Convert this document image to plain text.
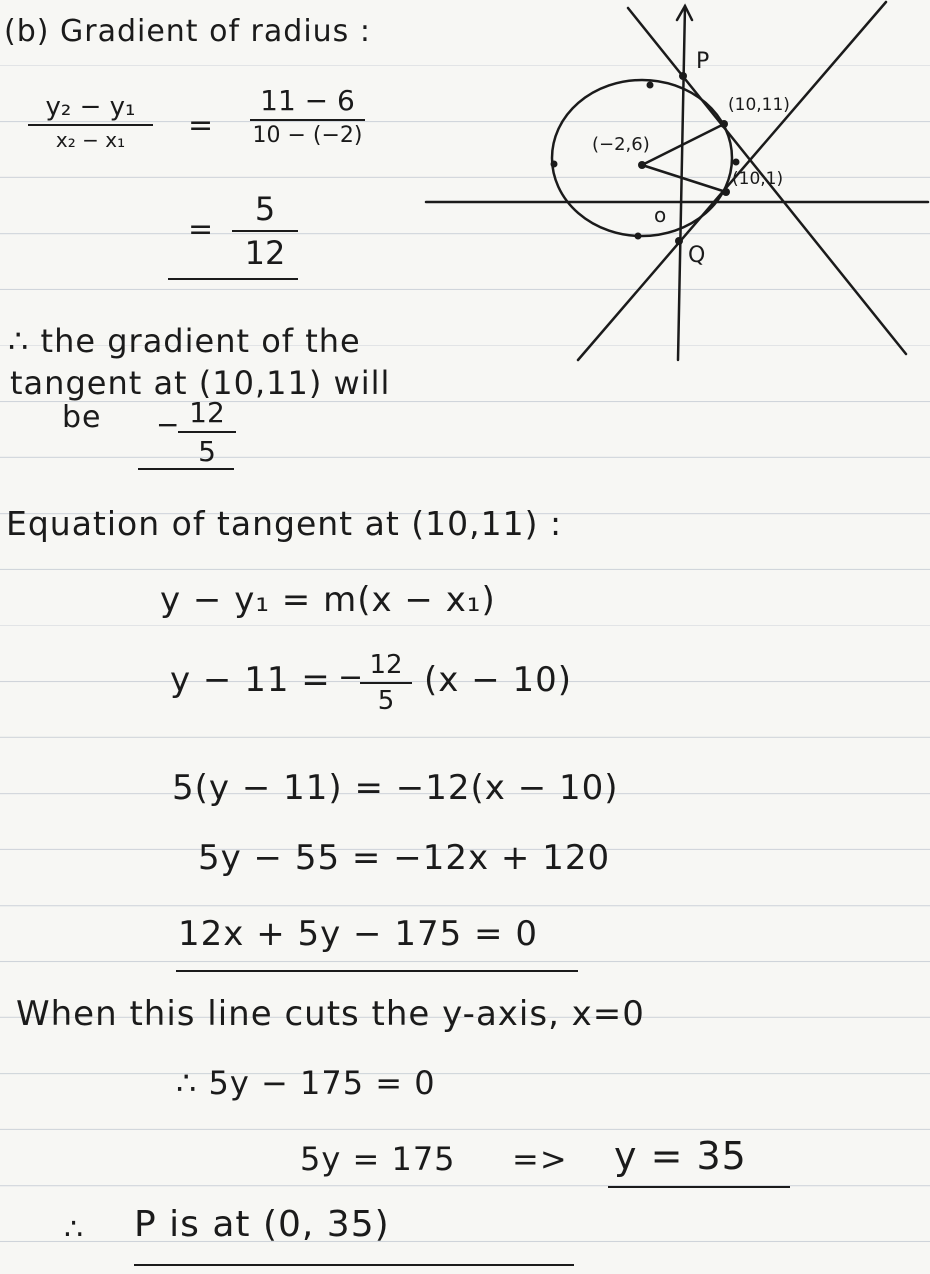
(b) Gradient of radius :
y₂ − y₁
x₂ − x₁	=
11 − 6
10 − (−2)
=
5
12
∴ the gradient of the
tangent at (10,11) will
be − 12
5
Equation of tangent at (10,11) :
y − y₁ = m(x − x₁)
y − 11 = − 12
5
(x − 10)
5(y − 11) = −12(x − 10)
5y − 55 = −12x + 120
12x + 5y − 175 = 0
When this line cuts the y-axis, x=0
∴ 5y − 175 = 0
5y = 175 => y = 35
∴ P is at (0, 35)
P
Q
o
(−2,6)
(10,11)
(10,1)
